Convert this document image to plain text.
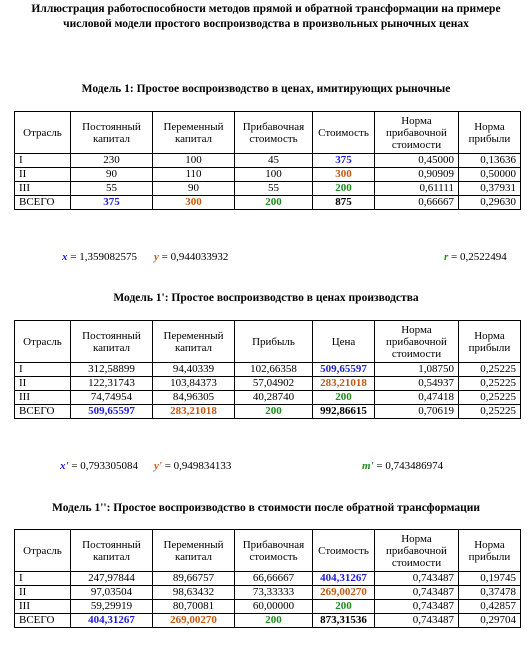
Иллюстрация работоспособности методов прямой и обратной трансформации на примере
числовой модели простого воспроизводства в произвольных рыночных ценах
Модель 1: Простое воспроизводство в ценах, имитирующих рыночные
Отрасль	Постоянный капитал	Переменный капитал	Прибавочная стоимость	Стоимость	Норма прибавочной стоимости	Норма прибыли
I	230	100	45	375	0,45000	0,13636
II	90	110	100	300	0,90909	0,50000
III	55	90	55	200	0,61111	0,37931
ВСЕГО	375	300	200	875	0,66667	0,29630
x = 1,359082575 y = 0,944033932	r = 0,2522494
Модель 1': Простое воспроизводство в ценах производства
Отрасль	Постоянный капитал	Переменный капитал	Прибыль	Цена	Норма прибавочной стоимости	Норма прибыли
I	312,58899	94,40339	102,66358	509,65597	1,08750	0,25225
II	122,31743	103,84373	57,04902	283,21018	0,54937	0,25225
III	74,74954	84,96305	40,28740	200	0,47418	0,25225
ВСЕГО	509,65597	283,21018	200	992,86615	0,70619	0,25225
x' = 0,793305084 y' = 0,949834133	m' = 0,743486974
Модель 1'': Простое воспроизводство в стоимости после обратной трансформации
Отрасль	Постоянный капитал	Переменный капитал	Прибавочная стоимость	Стоимость	Норма прибавочной стоимости	Норма прибыли
I	247,97844	89,66757	66,66667	404,31267	0,743487	0,19745
II	97,03504	98,63432	73,33333	269,00270	0,743487	0,37478
III	59,29919	80,70081	60,00000	200	0,743487	0,42857
ВСЕГО	404,31267	269,00270	200	873,31536	0,743487	0,29704
